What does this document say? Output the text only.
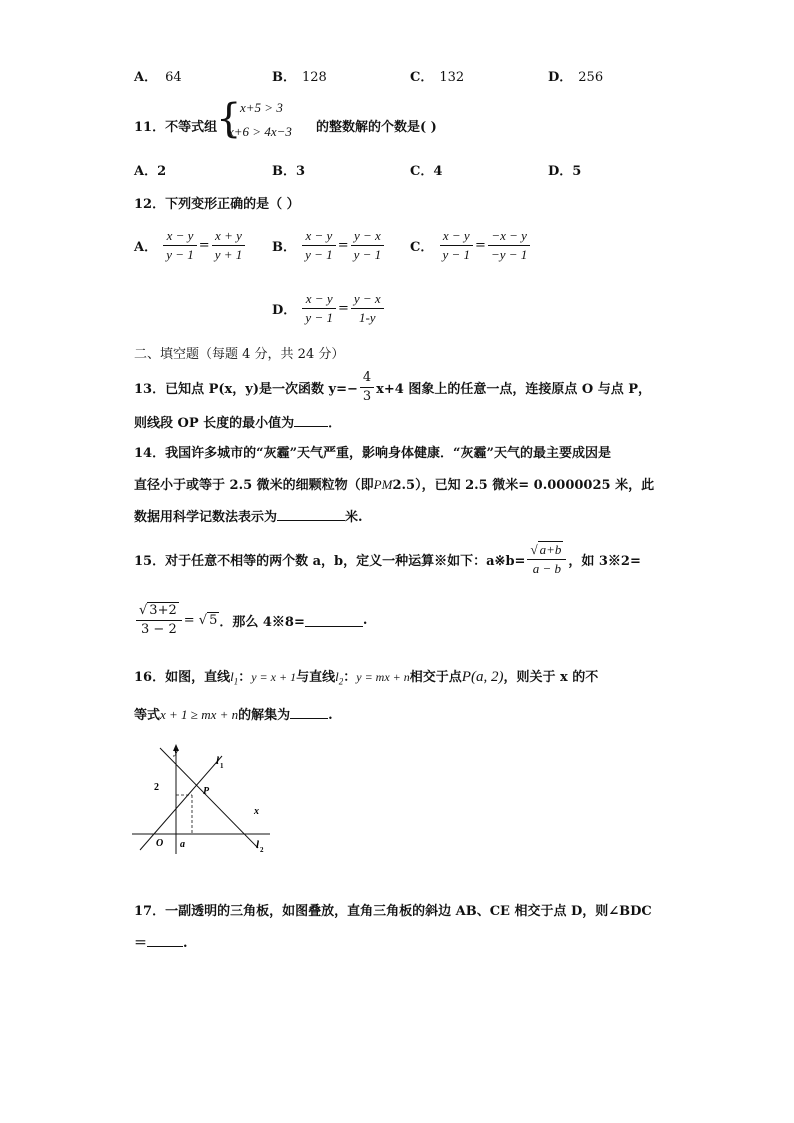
A． 64	B． 128	C． 132	D． 256
11．不等式组
{
x+5 > 3
x+6 > 4x−3 的整数解的个数是( )
A．2	B．3	C．4	D．5
12．下列变形正确的是（ ）
A． $\frac{x - y}{y - 1} = \frac{x + y}{y + 1}$ B． $\frac{x - y}{y - 1} = \frac{y - x}{y - 1}$ C． $\frac{x - y}{y - 1} = \frac{-x - y}{-y - 1}$
D． $\frac{x - y}{y - 1} = \frac{y - x}{1-y}$
二、填空题（每题 4 分，共 24 分）
13．已知点 P(x，y)是一次函数 $y=- \frac{4}{3} x+4$ 图象上的任意一点，连接原点 O 与点 P，
则线段 OP 长度的最小值为	．
14．我国许多城市的“灰霾”天气严重，影响身体健康．“灰霾”天气的最主要成因是
直径小于或等于 2.5 微米的细颗粒物（即PM2.5），已知 2.5 微米= 0.0000025 米，此
数据用科学记数法表示为	米.
15．对于任意不相等的两个数 a，b，定义一种运算※如下：a※b= $\frac{√ a+b}{a - b}$ ，如 3※2=
$\frac{√ 3+2}{3 - 2}$ = √ 5 ．那么 4※8=	.
16．如图，直线$l_1$：y = x + 1与直线$l_2$：y = mx + n相交于点P(a, 2)，则关于 x 的不
等式x + 1 ≥ mx + n的解集为	.
y
x
O a
2	P
l 1
l 2
17．一副透明的三角板，如图叠放，直角三角板的斜边 AB、CE 相交于点 D，则∠BDC
＝	.
